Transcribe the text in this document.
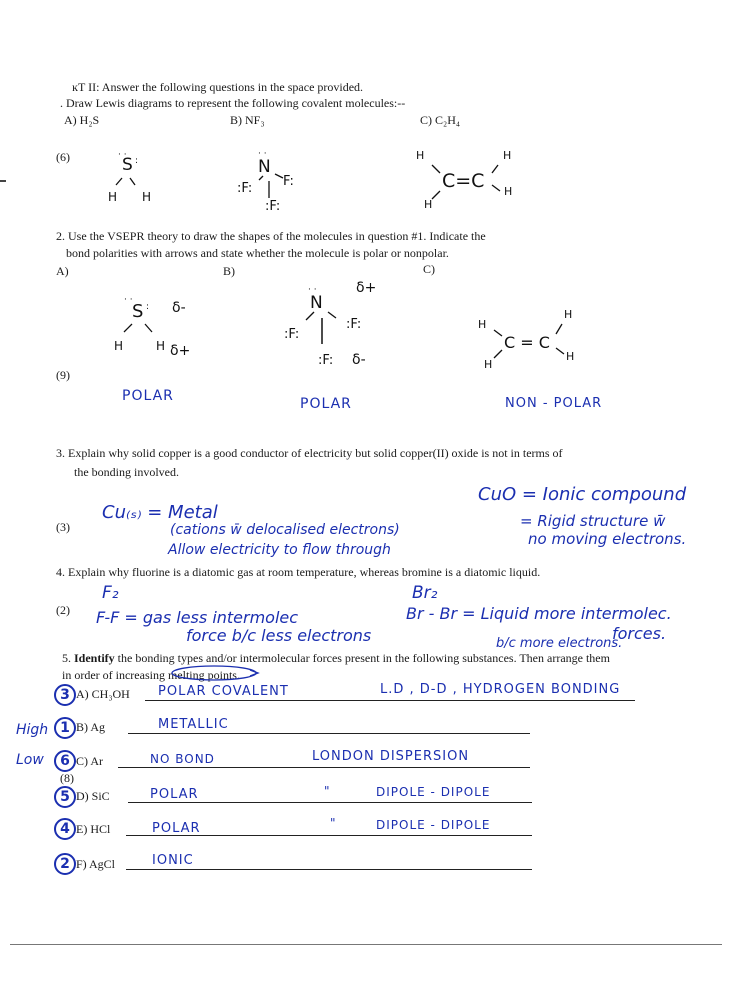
ĸT II: Answer the following questions in the space provided.
. Draw Lewis diagrams to represent the following covalent molecules:--
A) H₂S	B) NF₃	C) C₂H₄
(6)	S
· ·
:
H H
· ·
N
:F: F:
:F:
H	H
C=C
H
H
2. Use the VSEPR theory to draw the shapes of the molecules in question #1. Indicate the
bond polarities with arrows and state whether the molecule is polar or nonpolar.
A)	B)	C)
(9)
· ·
S : δ-
H	H δ+
δ+
· ·
N
:F:
:F:
:F: δ-
H
H
C = C
H
H
POLAR	POLAR	NON - POLAR
3. Explain why solid copper is a good conductor of electricity but solid copper(II) oxide is not in terms of
the bonding involved.
(3)
Cu₍ₛ₎ = Metal
(cations w̄ delocalised electrons)
Allow electricity to flow through
CuO = Ionic compound
= Rigid structure w̄
no moving electrons.
4. Explain why fluorine is a diatomic gas at room temperature, whereas bromine is a diatomic liquid.
(2)
F₂
F-F = gas less intermolec
force b/c less electrons
Br₂
Br - Br = Liquid more intermolec.
forces.
b/c more electrons.
5. Identify the bonding types and/or intermolecular forces present in the following substances. Then arrange them
in order of increasing melting points.
High
Low
3 A) CH₃OH POLAR COVALENT	L.D , D-D , HYDROGEN BONDING
1 B) Ag	METALLIC
6 C) Ar	NO BOND	LONDON DISPERSION
(8)
5 D) SiC	POLAR	"	DIPOLE - DIPOLE
4 E) HCl	POLAR	"	DIPOLE - DIPOLE
2 F) AgCl	IONIC
